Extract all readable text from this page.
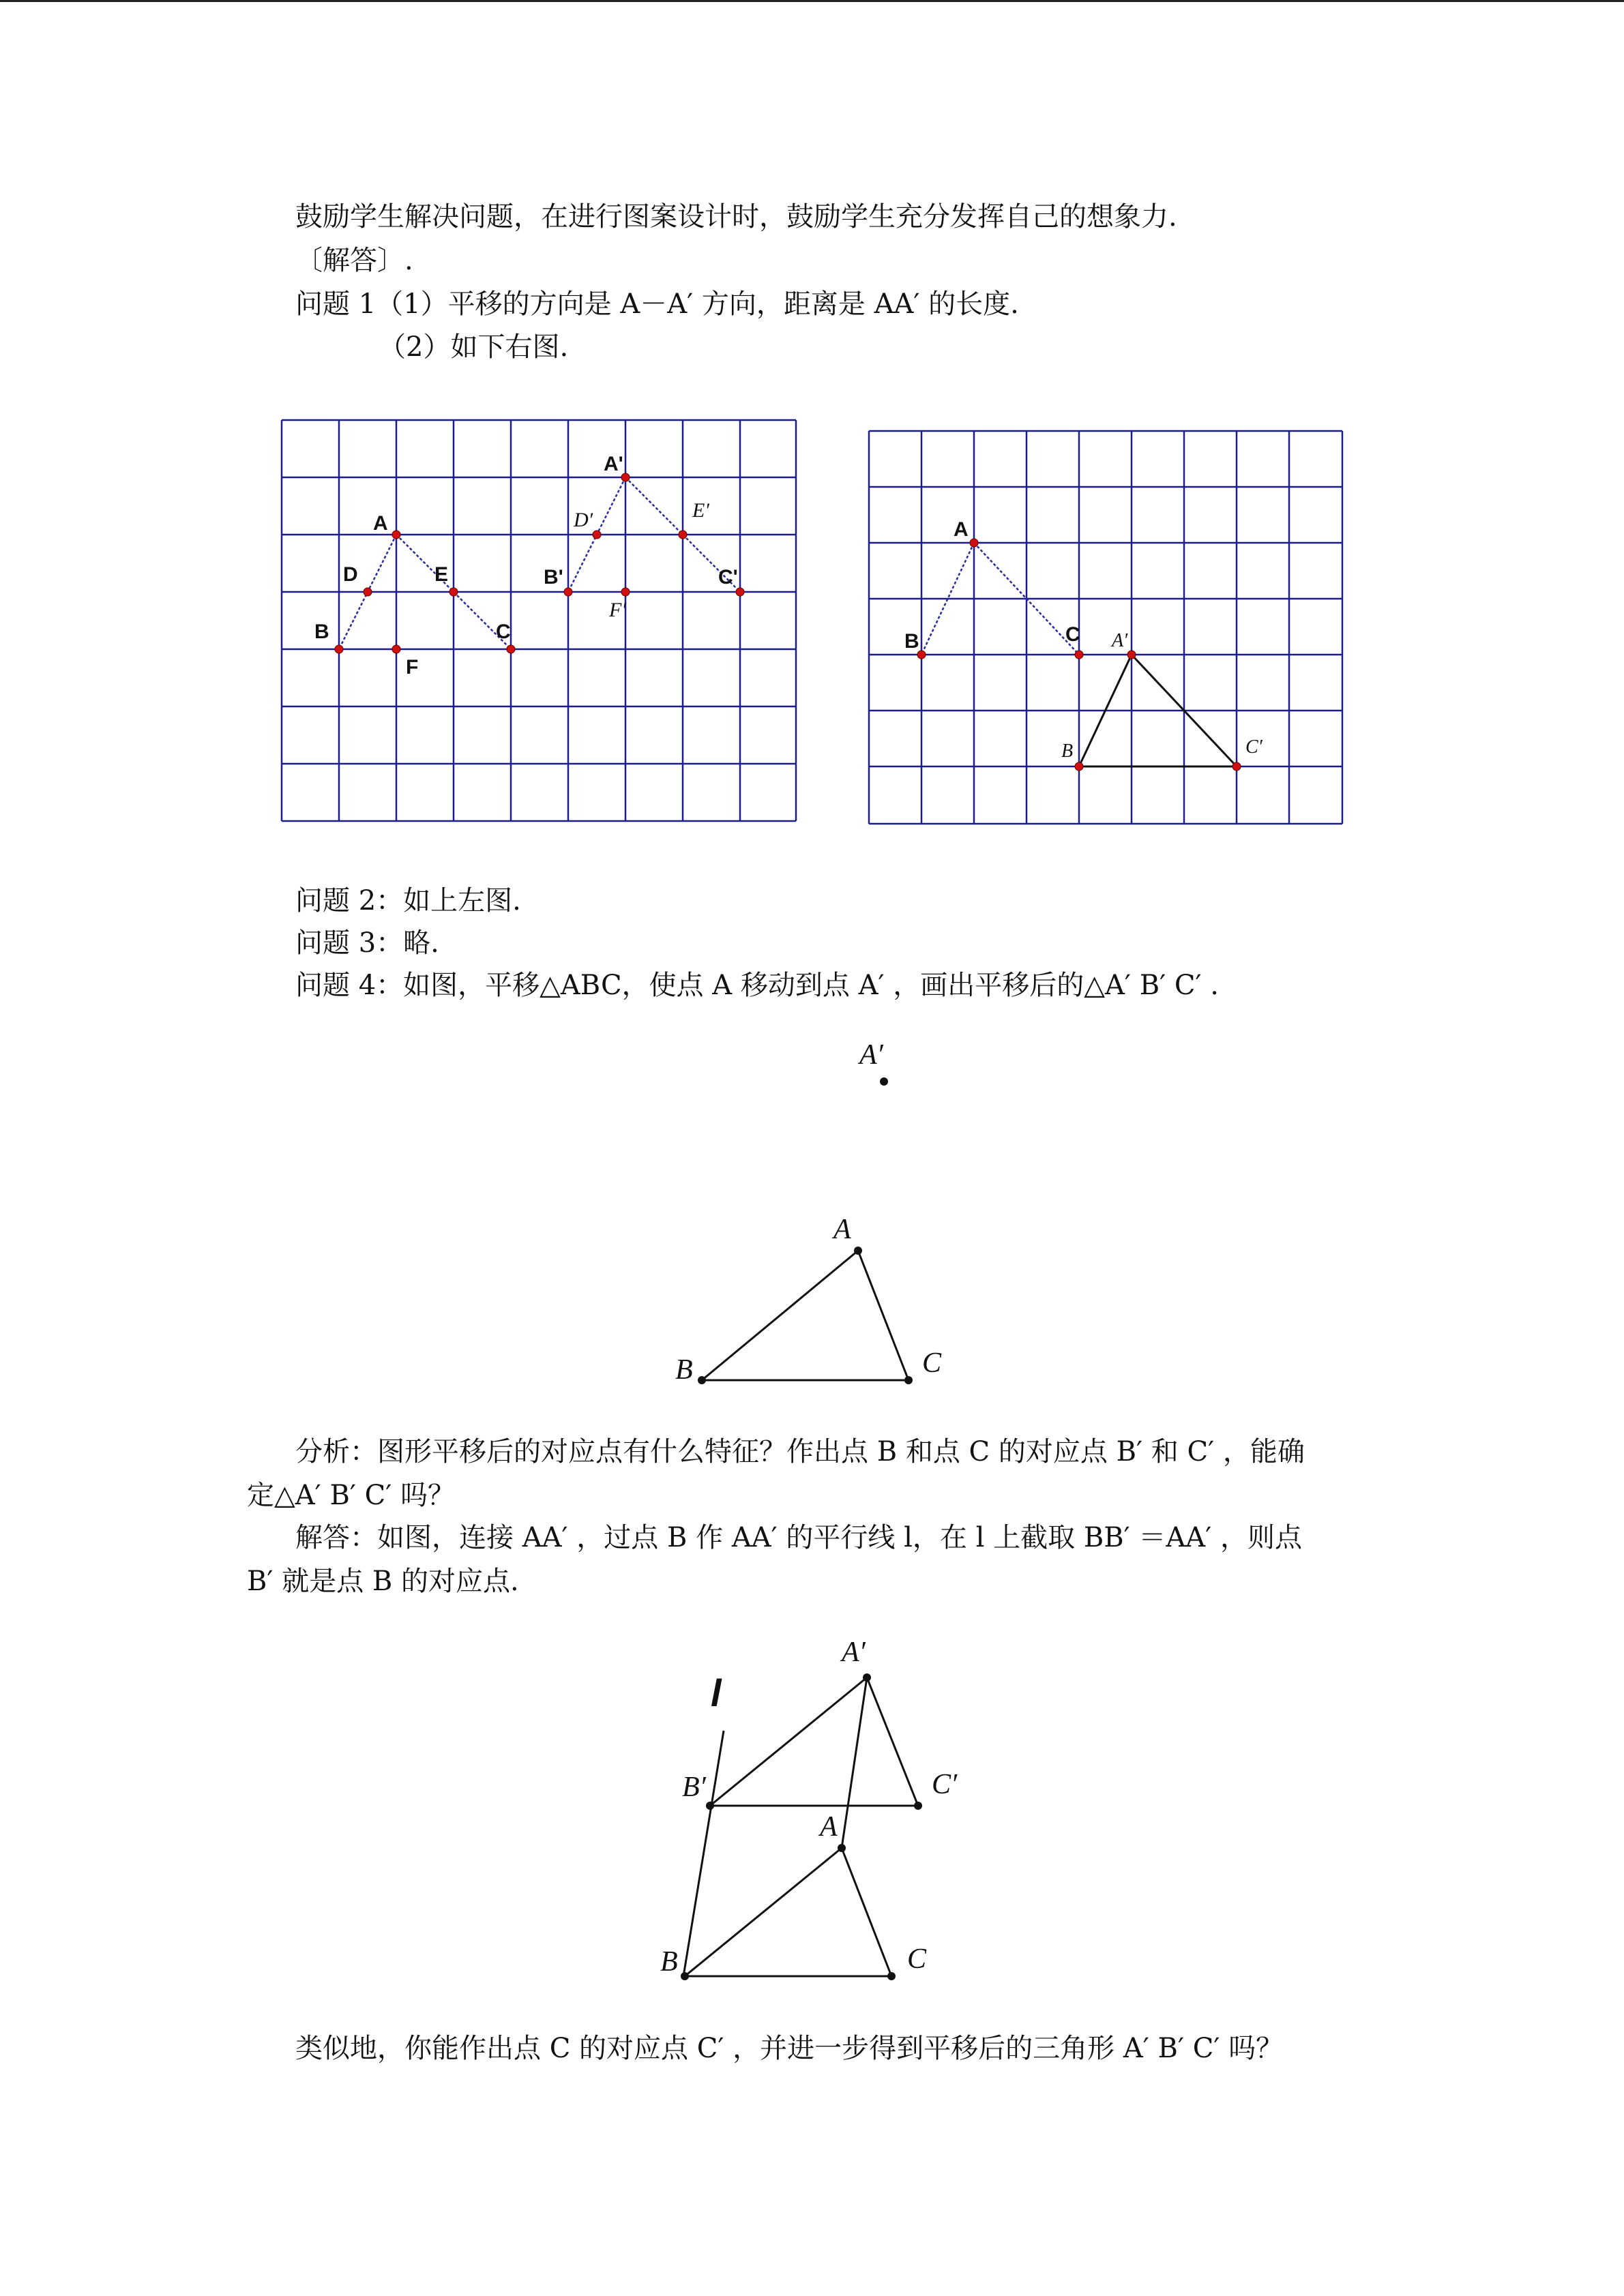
鼓励学生解决问题，在进行图案设计时，鼓励学生充分发挥自己的想象力.
〔解答〕.
问题 1（1）平移的方向是 A－A′ 方向，距离是 AA′ 的长度.
（2）如下右图.
A
D
B
E
C
F
A'
B'	C'
D′	E′
F′
A
B	C A′
B	C′
问题 2：如上左图.
问题 3：略.
问题 4：如图，平移△ABC，使点 A 移动到点 A′ ，画出平移后的△A′ B′ C′ .
A′
A
B	C
分析：图形平移后的对应点有什么特征？作出点 B 和点 C 的对应点 B′ 和 C′ ，能确
定△A′ B′ C′ 吗？
解答：如图，连接 AA′ ，过点 B 作 AA′ 的平行线 l，在 l 上截取 BB′ ＝AA′ ，则点
B′ 就是点 B 的对应点.
l
A′
B′	C′
A
B	C
类似地，你能作出点 C 的对应点 C′ ，并进一步得到平移后的三角形 A′ B′ C′ 吗？
